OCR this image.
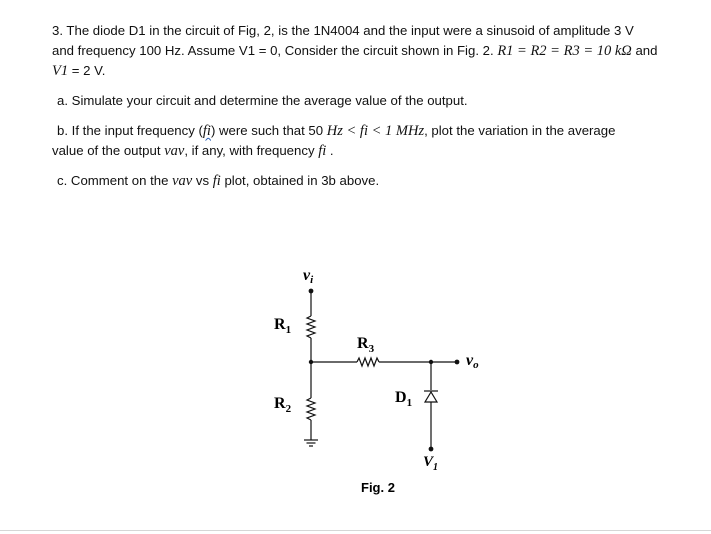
3. The diode D1 in the circuit of Fig, 2, is the 1N4004 and the input were a sinusoid of amplitude 3 V

and frequency 100 Hz. Assume V1 = 0, Consider the circuit shown in Fig. 2. R1 = R2 = R3 = 10 kΩ and

V1 = 2 V.

a. Simulate your circuit and determine the average value of the output.

b. If the input frequency (fi) were such that 50 Hz < fi < 1 MHz, plot the variation in the average

value of the output vav, if any, with frequency fi .

c. Comment on the vav vs fi plot, obtained in 3b above.

vi
$R_1$
$R_2$
$R_3$
$D_1$
vo
$V_1$
Fig. 2
